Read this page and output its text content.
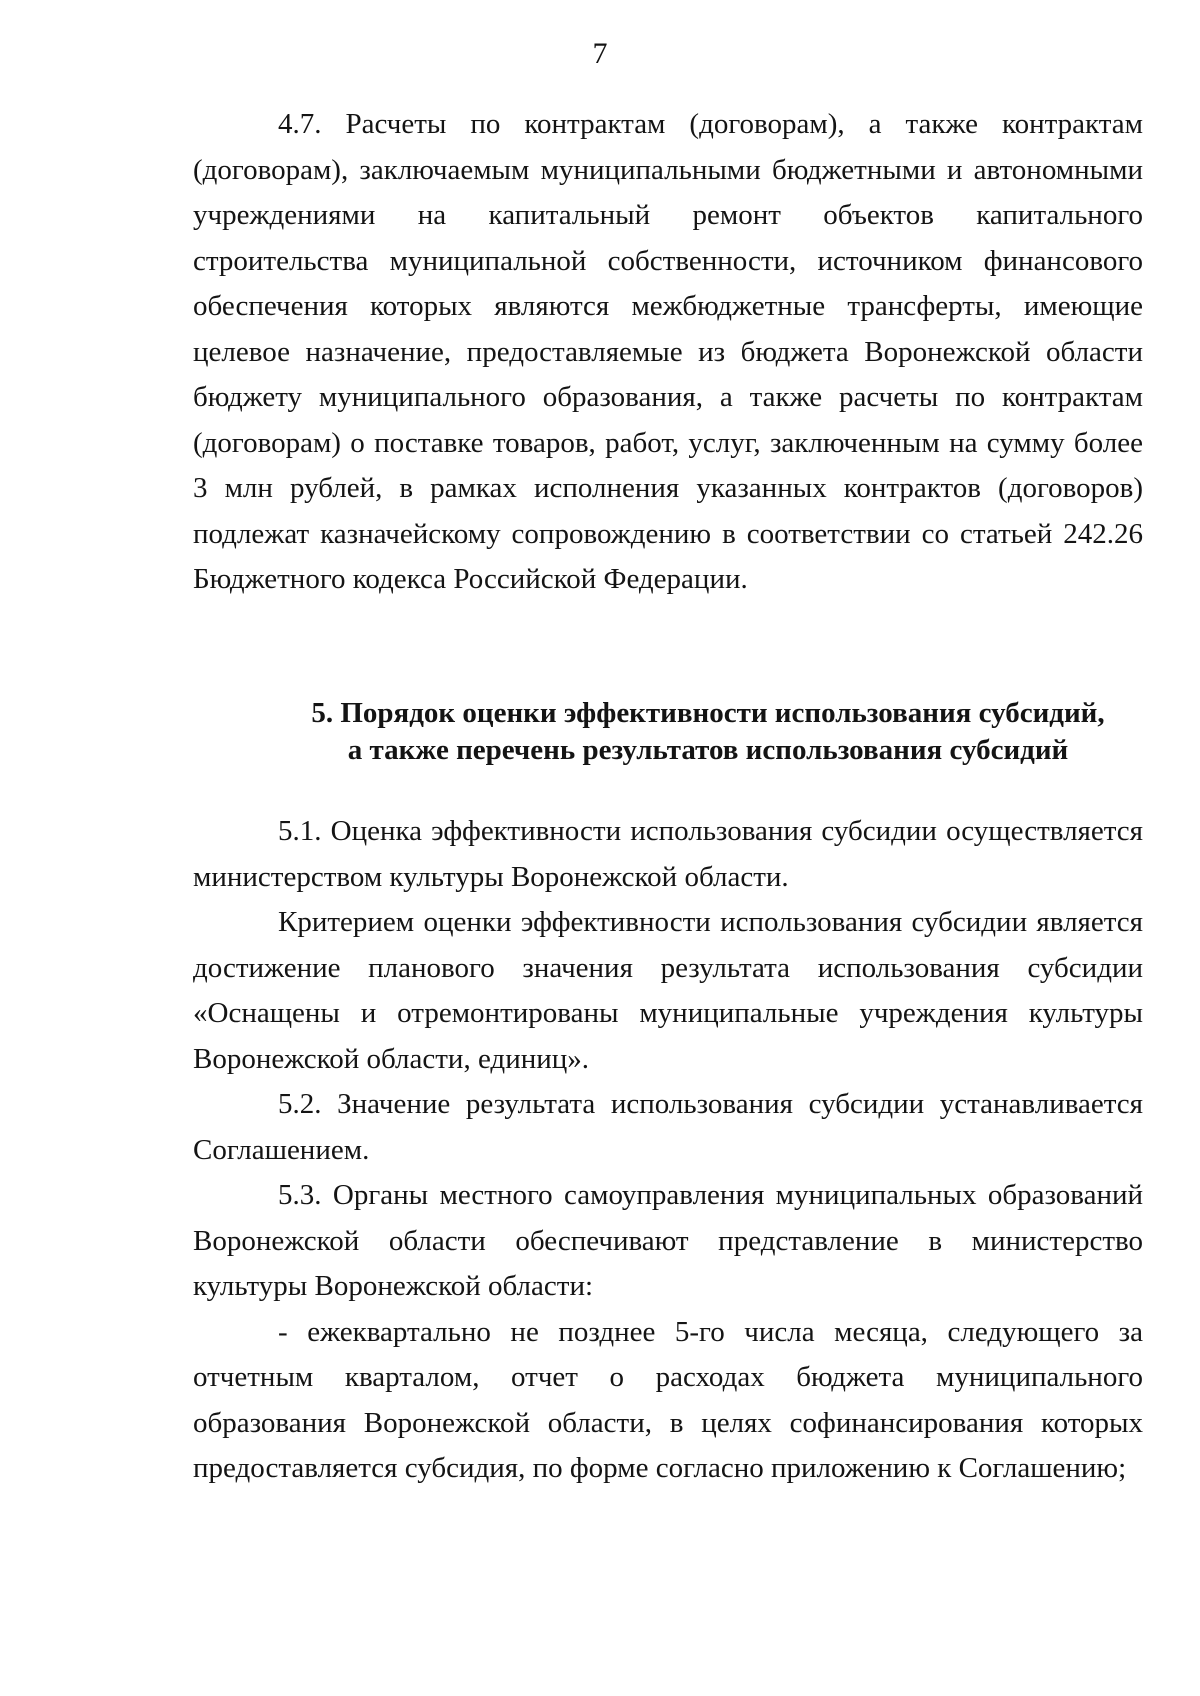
7

4.7. Расчеты по контрактам (договорам), а также контрактам (договорам), заключаемым муниципальными бюджетными и автономными учреждениями на капитальный ремонт объектов капитального строительства муниципальной собственности, источником финансового обеспечения которых являются межбюджетные трансферты, имеющие целевое назначение, предоставляемые из бюджета Воронежской области бюджету муниципального образования, а также расчеты по контрактам (договорам) о поставке товаров, работ, услуг, заключенным на сумму более 3 млн рублей, в рамках исполнения указанных контрактов (договоров) подлежат казначейскому сопровождению в соответствии со статьей 242.26 Бюджетного кодекса Российской Федерации.

5. Порядок оценки эффективности использования субсидий,
а также перечень результатов использования субсидий

5.1. Оценка эффективности использования субсидии осуществляется министерством культуры Воронежской области.

Критерием оценки эффективности использования субсидии является достижение планового значения результата использования субсидии «Оснащены и отремонтированы муниципальные учреждения культуры Воронежской области, единиц».

5.2. Значение результата использования субсидии устанавливается Соглашением.

5.3. Органы местного самоуправления муниципальных образований Воронежской области обеспечивают представление в министерство культуры Воронежской области:

- ежеквартально не позднее 5-го числа месяца, следующего за отчетным кварталом, отчет о расходах бюджета муниципального образования Воронежской области, в целях софинансирования которых предоставляется субсидия, по форме согласно приложению к Соглашению;
